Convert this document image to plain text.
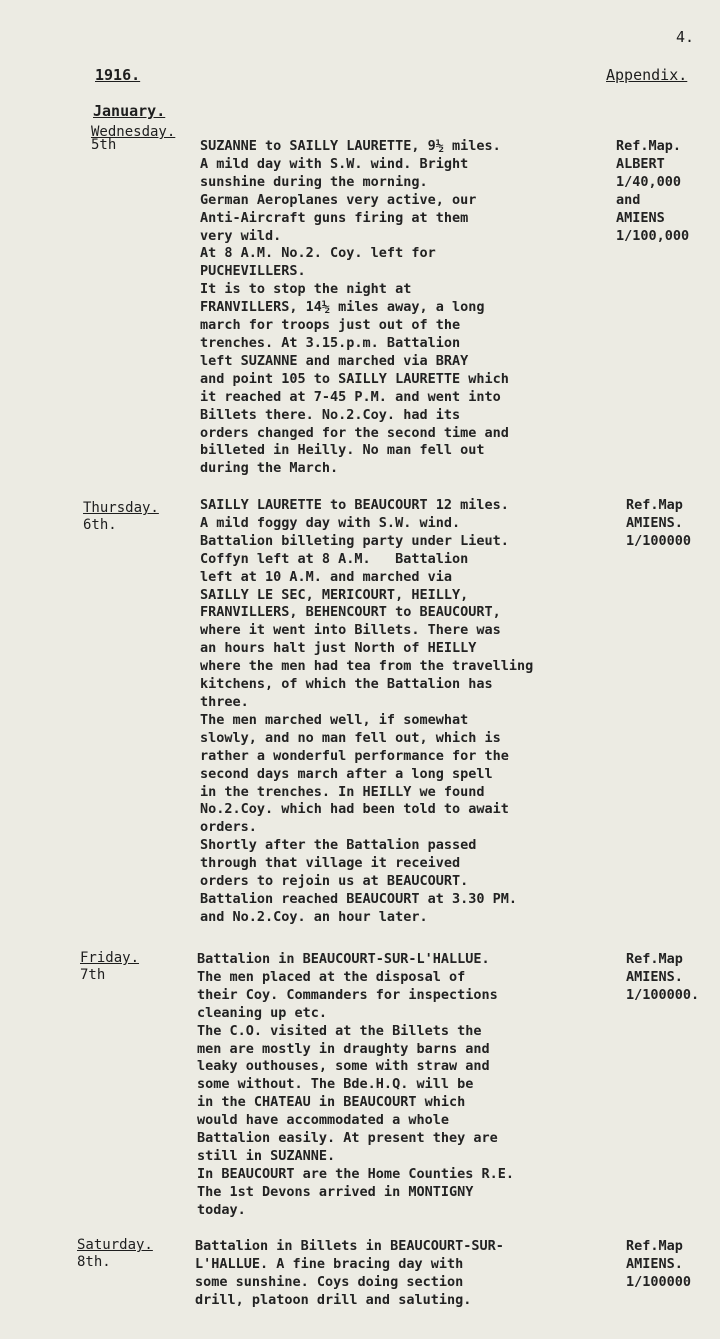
4.
1916.	Appendix.
January.
Wednesday.
5th	SUZANNE to SAILLY LAURETTE, 9½ miles.
A mild day with S.W. wind. Bright
sunshine during the morning.
German Aeroplanes very active, our
Anti-Aircraft guns firing at them
very wild.
At 8 A.M. No.2. Coy. left for
PUCHEVILLERS.
It is to stop the night at
FRANVILLERS, 14½ miles away, a long
march for troops just out of the
trenches. At 3.15.p.m. Battalion
left SUZANNE and marched via BRAY
and point 105 to SAILLY LAURETTE which
it reached at 7-45 P.M. and went into
Billets there. No.2.Coy. had its
orders changed for the second time and
billeted in Heilly. No man fell out
during the March.
Ref.Map.
ALBERT
1/40,000
and
AMIENS
1/100,000
Thursday.
6th.
SAILLY LAURETTE to BEAUCOURT 12 miles.
A mild foggy day with S.W. wind.
Battalion billeting party under Lieut.
Coffyn left at 8 A.M.   Battalion
left at 10 A.M. and marched via
SAILLY LE SEC, MERICOURT, HEILLY,
FRANVILLERS, BEHENCOURT to BEAUCOURT,
where it went into Billets. There was
an hours halt just North of HEILLY
where the men had tea from the travelling
kitchens, of which the Battalion has
three.
The men marched well, if somewhat
slowly, and no man fell out, which is
rather a wonderful performance for the
second days march after a long spell
in the trenches. In HEILLY we found
No.2.Coy. which had been told to await
orders.
Shortly after the Battalion passed
through that village it received
orders to rejoin us at BEAUCOURT.
Battalion reached BEAUCOURT at 3.30 PM.
and No.2.Coy. an hour later.
Ref.Map
AMIENS.
1/100000
Friday.
7th
Battalion in BEAUCOURT-SUR-L'HALLUE.
The men placed at the disposal of
their Coy. Commanders for inspections
cleaning up etc.
The C.O. visited at the Billets the
men are mostly in draughty barns and
leaky outhouses, some with straw and
some without. The Bde.H.Q. will be
in the CHATEAU in BEAUCOURT which
would have accommodated a whole
Battalion easily. At present they are
still in SUZANNE.
In BEAUCOURT are the Home Counties R.E.
The 1st Devons arrived in MONTIGNY
today.
Ref.Map
AMIENS.
1/100000.
Saturday.
8th.
Battalion in Billets in BEAUCOURT-SUR-
L'HALLUE. A fine bracing day with
some sunshine. Coys doing section
drill, platoon drill and saluting.
Ref.Map
AMIENS.
1/100000
